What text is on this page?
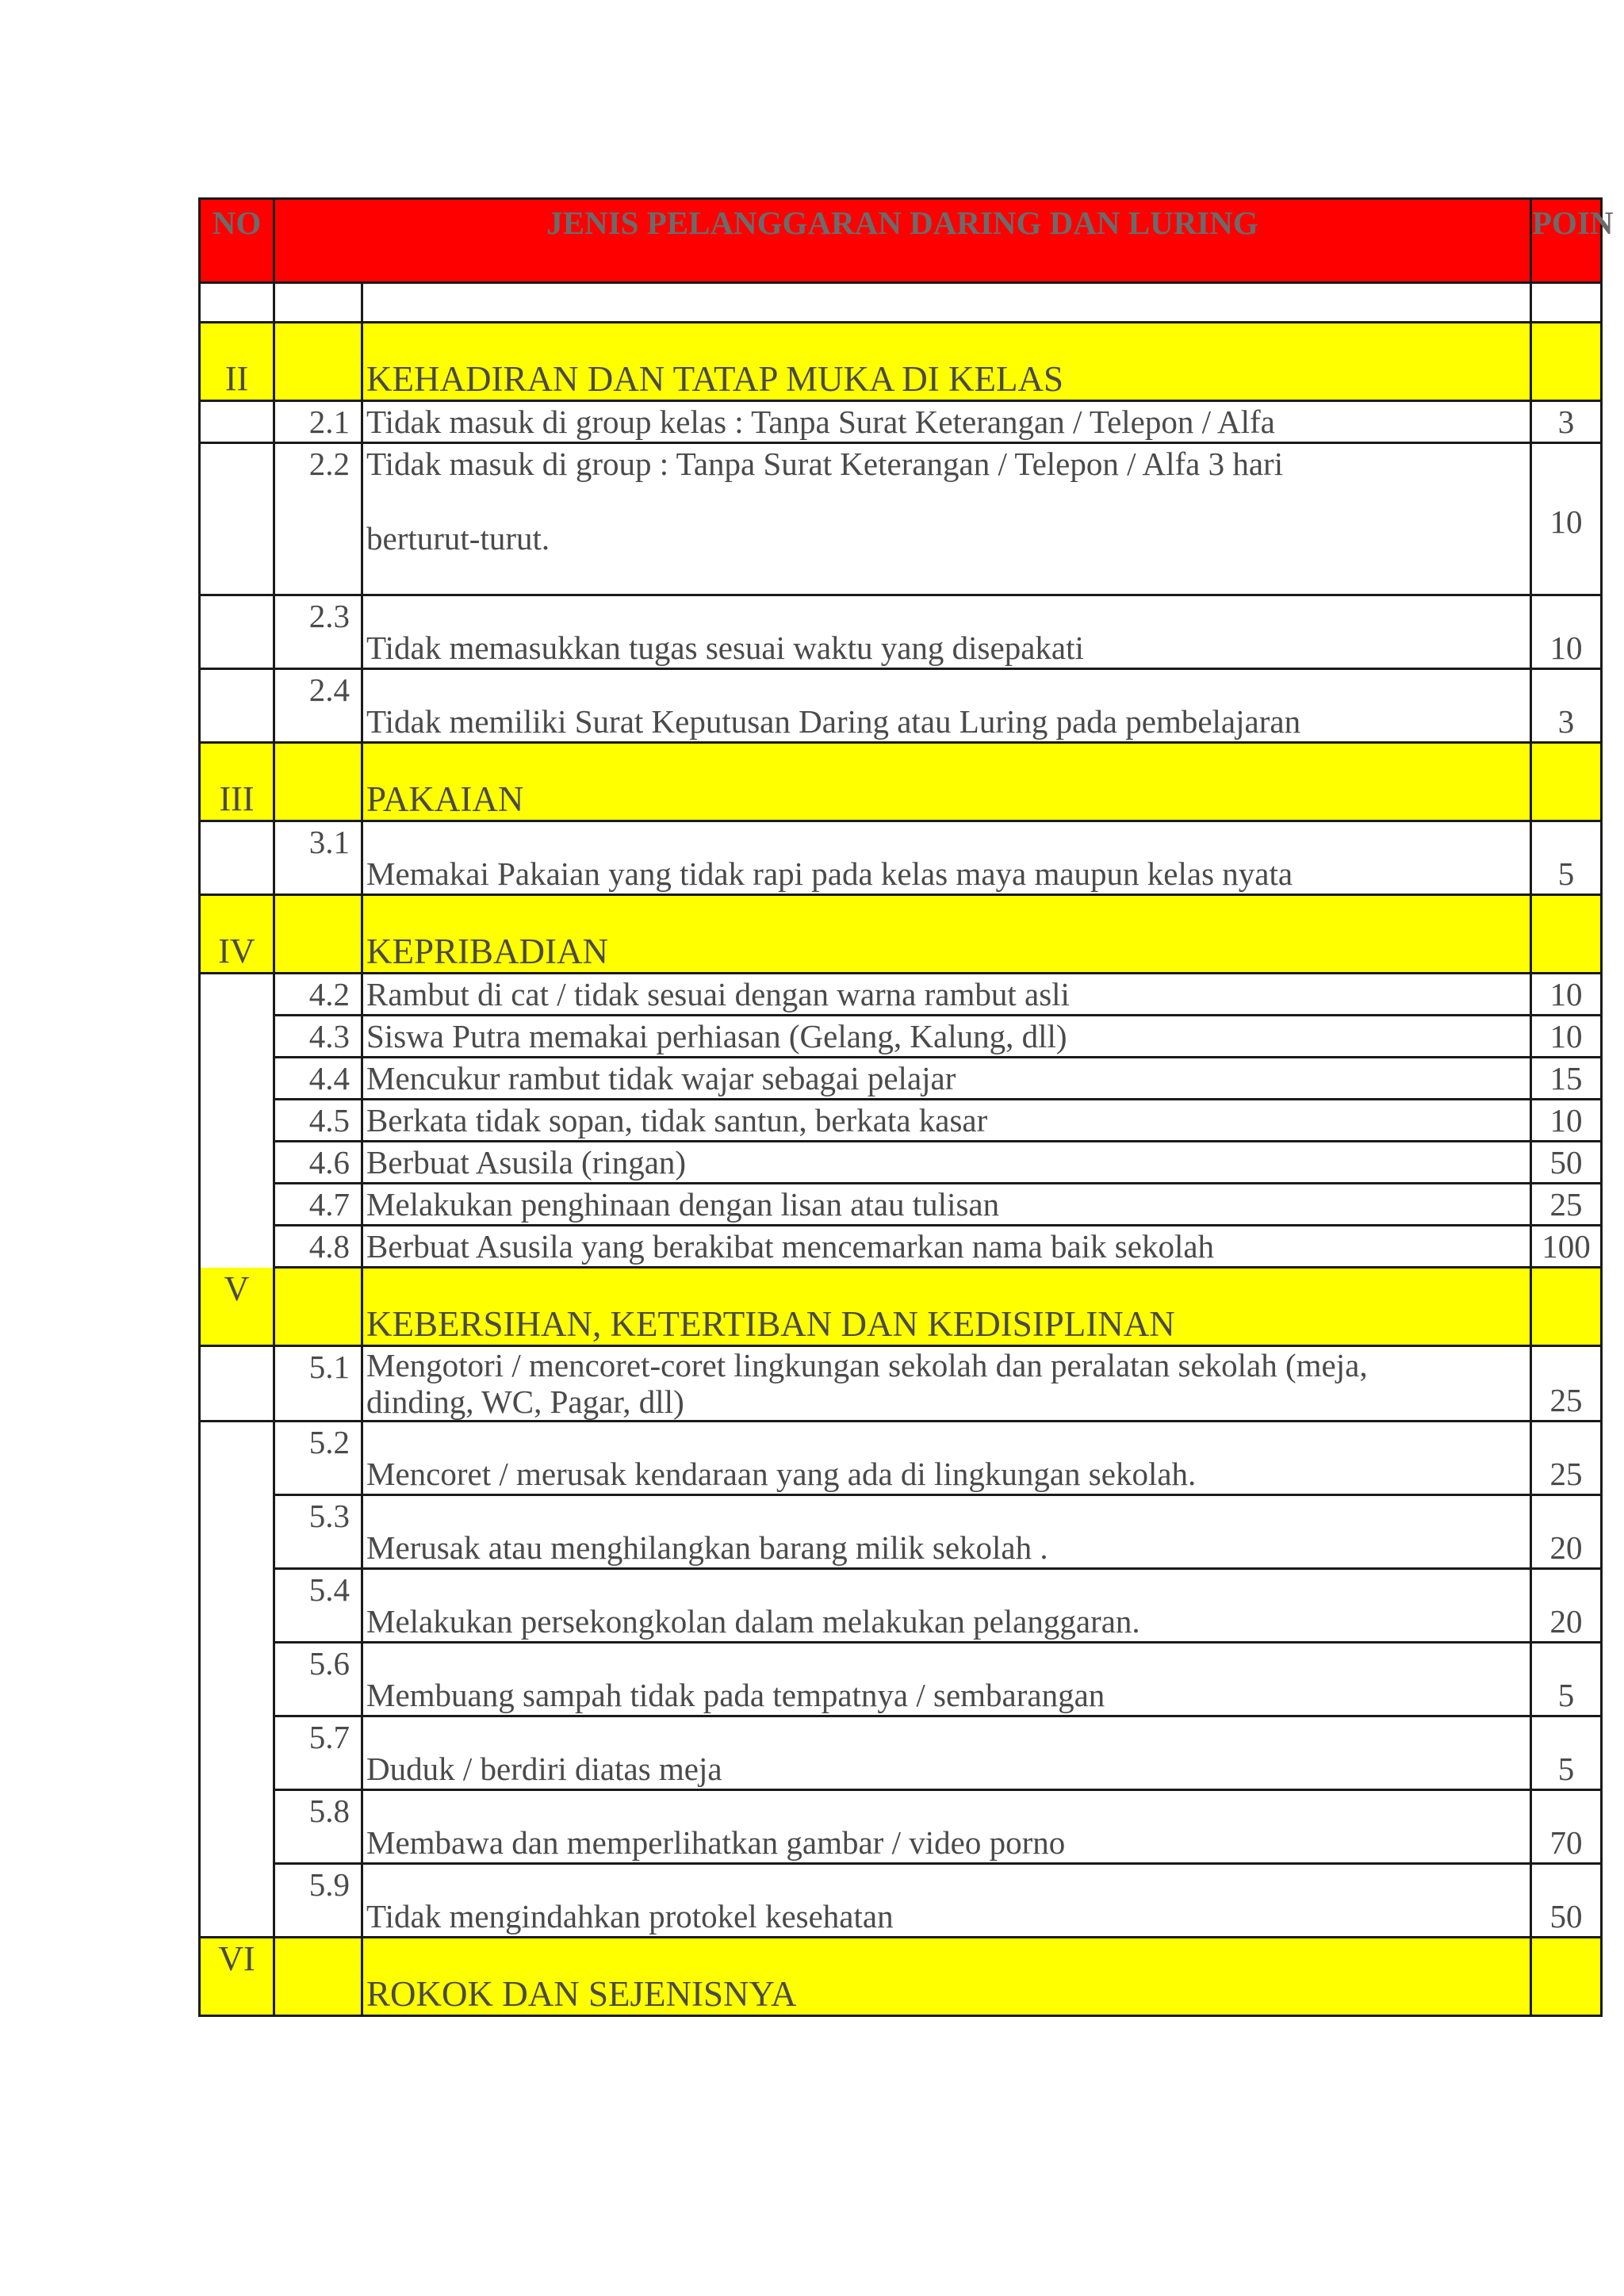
NO	JENIS PELANGGARAN DARING DAN LURING		POIN

II		KEHADIRAN DAN TATAP MUKA DI KELAS	
	2.1	Tidak masuk di group kelas : Tanpa Surat Keterangan / Telepon / Alfa	3
	2.2	Tidak masuk di group : Tanpa Surat Keterangan / Telepon / Alfa 3 hari
berturut-turut.	10
	2.3	Tidak memasukkan tugas sesuai waktu yang disepakati	10
	2.4	Tidak memiliki Surat Keputusan Daring atau Luring pada pembelajaran	3
III		PAKAIAN	
	3.1	Memakai Pakaian yang tidak rapi pada kelas maya maupun kelas nyata	5
IV		KEPRIBADIAN	
	4.2	Rambut di cat / tidak sesuai dengan warna rambut asli	10
	4.3	Siswa Putra memakai perhiasan (Gelang, Kalung, dll)	10
	4.4	Mencukur rambut tidak wajar sebagai pelajar	15
	4.5	Berkata tidak sopan, tidak santun, berkata kasar	10
	4.6	Berbuat Asusila (ringan)	50
	4.7	Melakukan penghinaan dengan lisan atau tulisan	25
	4.8	Berbuat Asusila yang berakibat mencemarkan nama baik sekolah	100
V		KEBERSIHAN, KETERTIBAN DAN KEDISIPLINAN	
	5.1	Mengotori / mencoret-coret lingkungan sekolah dan peralatan sekolah (meja,
dinding, WC, Pagar, dll)	25
	5.2	Mencoret / merusak kendaraan yang ada di lingkungan sekolah.	25
	5.3	Merusak atau menghilangkan barang milik sekolah .	20
	5.4	Melakukan persekongkolan dalam melakukan pelanggaran.	20
	5.6	Membuang sampah tidak pada tempatnya / sembarangan	5
	5.7	Duduk / berdiri diatas meja	5
	5.8	Membawa dan memperlihatkan gambar / video porno	70
	5.9	Tidak mengindahkan protokel kesehatan	50
VI		ROKOK DAN SEJENISNYA	
